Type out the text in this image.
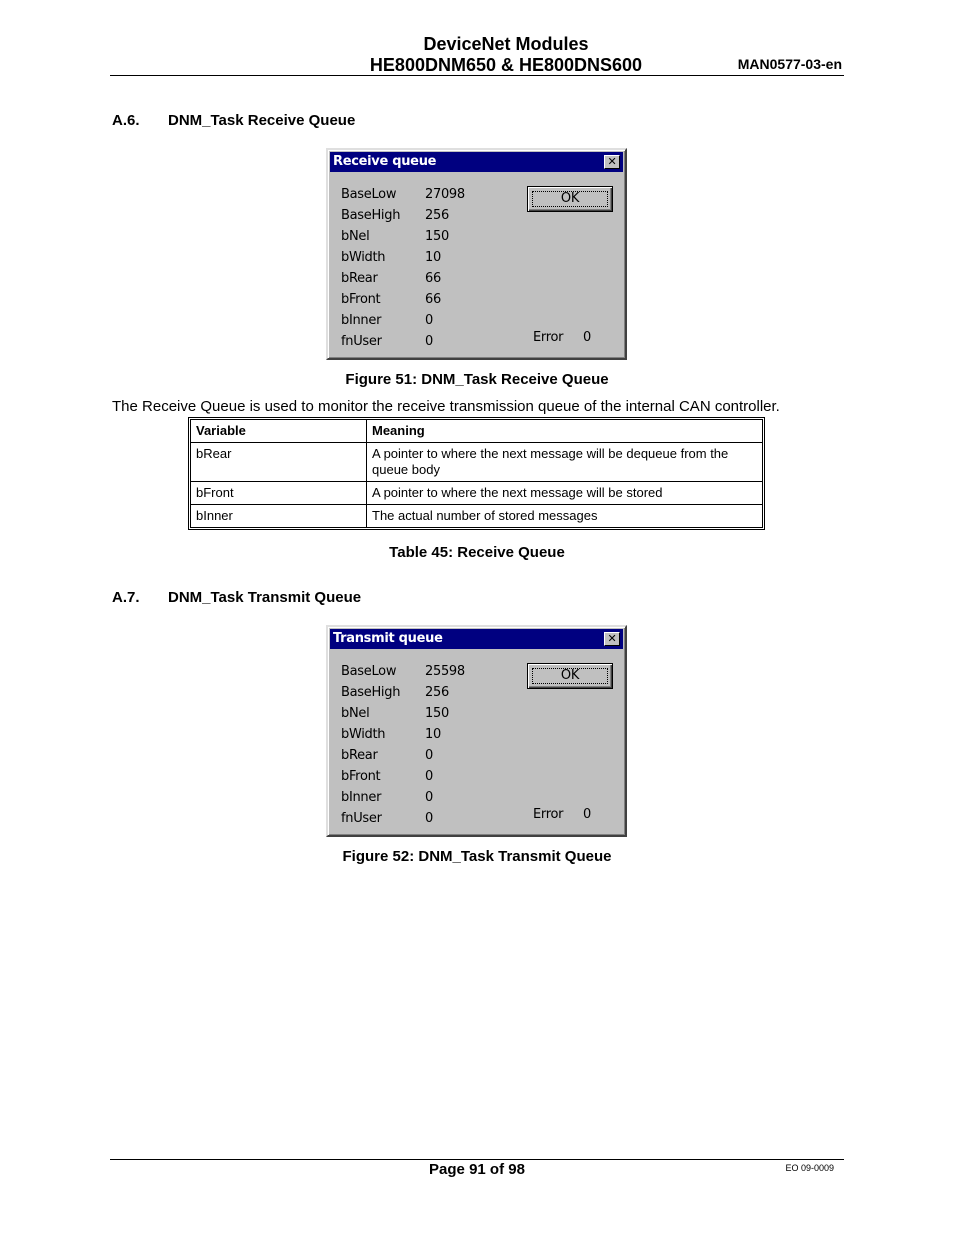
DeviceNet Modules
HE800DNM650 & HE800DNS600	MAN0577-03-en
A.6. DNM_Task Receive Queue
Receive queue	✕
BaseLow 27098
BaseHigh 256
bNel	150
bWidth	10
bRear	66
bFront	66
bInner	0
fnUser	0
OK
Error 0
Figure 51: DNM_Task Receive Queue
The Receive Queue is used to monitor the receive transmission queue of the internal CAN controller.
Variable	Meaning
bRear	A pointer to where the next message will be dequeue from the queue body
bFront	A pointer to where the next message will be stored
bInner	The actual number of stored messages
Table 45: Receive Queue
A.7. DNM_Task Transmit Queue
Transmit queue	✕
BaseLow 25598
BaseHigh 256
bNel	150
bWidth	10
bRear	0
bFront	0
bInner	0
fnUser	0
OK
Error 0
Figure 52: DNM_Task Transmit Queue
Page 91 of 98	EO 09-0009
